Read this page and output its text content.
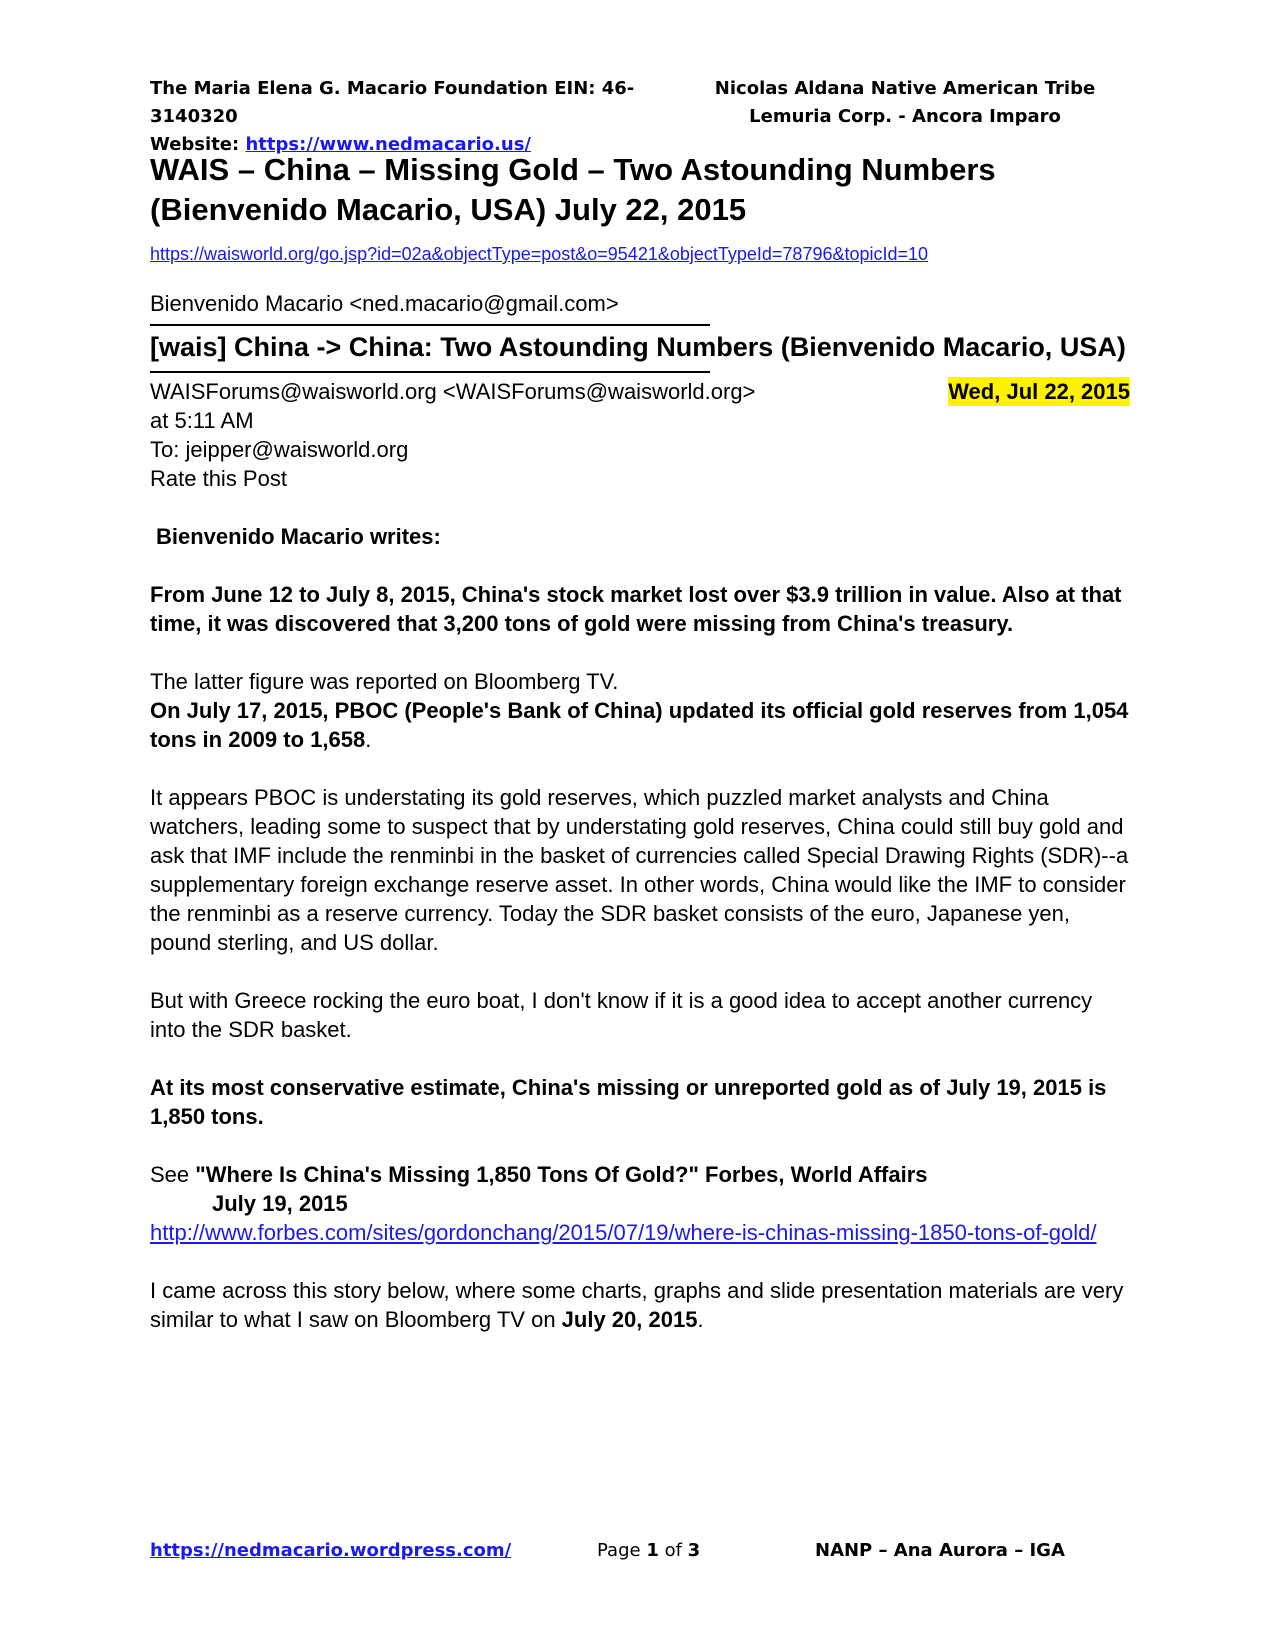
The Maria Elena G. Macario Foundation EIN: 46-3140320
Website: https://www.nedmacario.us/
Nicolas Aldana Native American Tribe
Lemuria Corp. - Ancora Imparo
WAIS – China – Missing Gold – Two Astounding Numbers (Bienvenido Macario, USA) July 22, 2015
https://waisworld.org/go.jsp?id=02a&objectType=post&o=95421&objectTypeId=78796&topicId=10

Bienvenido Macario <ned.macario@gmail.com>

[wais] China -> China: Two Astounding Numbers (Bienvenido Macario, USA)
WAISForums@waisworld.org <WAISForums@waisworld.org>	Wed, Jul 22, 2015

at 5:11 AM

To: jeipper@waisworld.org

Rate this Post

Bienvenido Macario writes:

From June 12 to July 8, 2015, China's stock market lost over $3.9 trillion in value. Also at that time, it was discovered that 3,200 tons of gold were missing from China's treasury.

The latter figure was reported on Bloomberg TV.

On July 17, 2015, PBOC (People's Bank of China) updated its official gold reserves from 1,054 tons in 2009 to 1,658.

It appears PBOC is understating its gold reserves, which puzzled market analysts and China watchers, leading some to suspect that by understating gold reserves, China could still buy gold and ask that IMF include the renminbi in the basket of currencies called Special Drawing Rights (SDR)--a supplementary foreign exchange reserve asset. In other words, China would like the IMF to consider the renminbi as a reserve currency. Today the SDR basket consists of the euro, Japanese yen, pound sterling, and US dollar.

But with Greece rocking the euro boat, I don't know if it is a good idea to accept another currency into the SDR basket.

At its most conservative estimate, China's missing or unreported gold as of July 19, 2015 is 1,850 tons.

See "Where Is China's Missing 1,850 Tons Of Gold?" Forbes, World Affairs

July 19, 2015

http://www.forbes.com/sites/gordonchang/2015/07/19/where-is-chinas-missing-1850-tons-of-gold/

I came across this story below, where some charts, graphs and slide presentation materials are very similar to what I saw on Bloomberg TV on July 20, 2015.

https://nedmacario.wordpress.com/	Page 1 of 3	NANP – Ana Aurora – IGA
